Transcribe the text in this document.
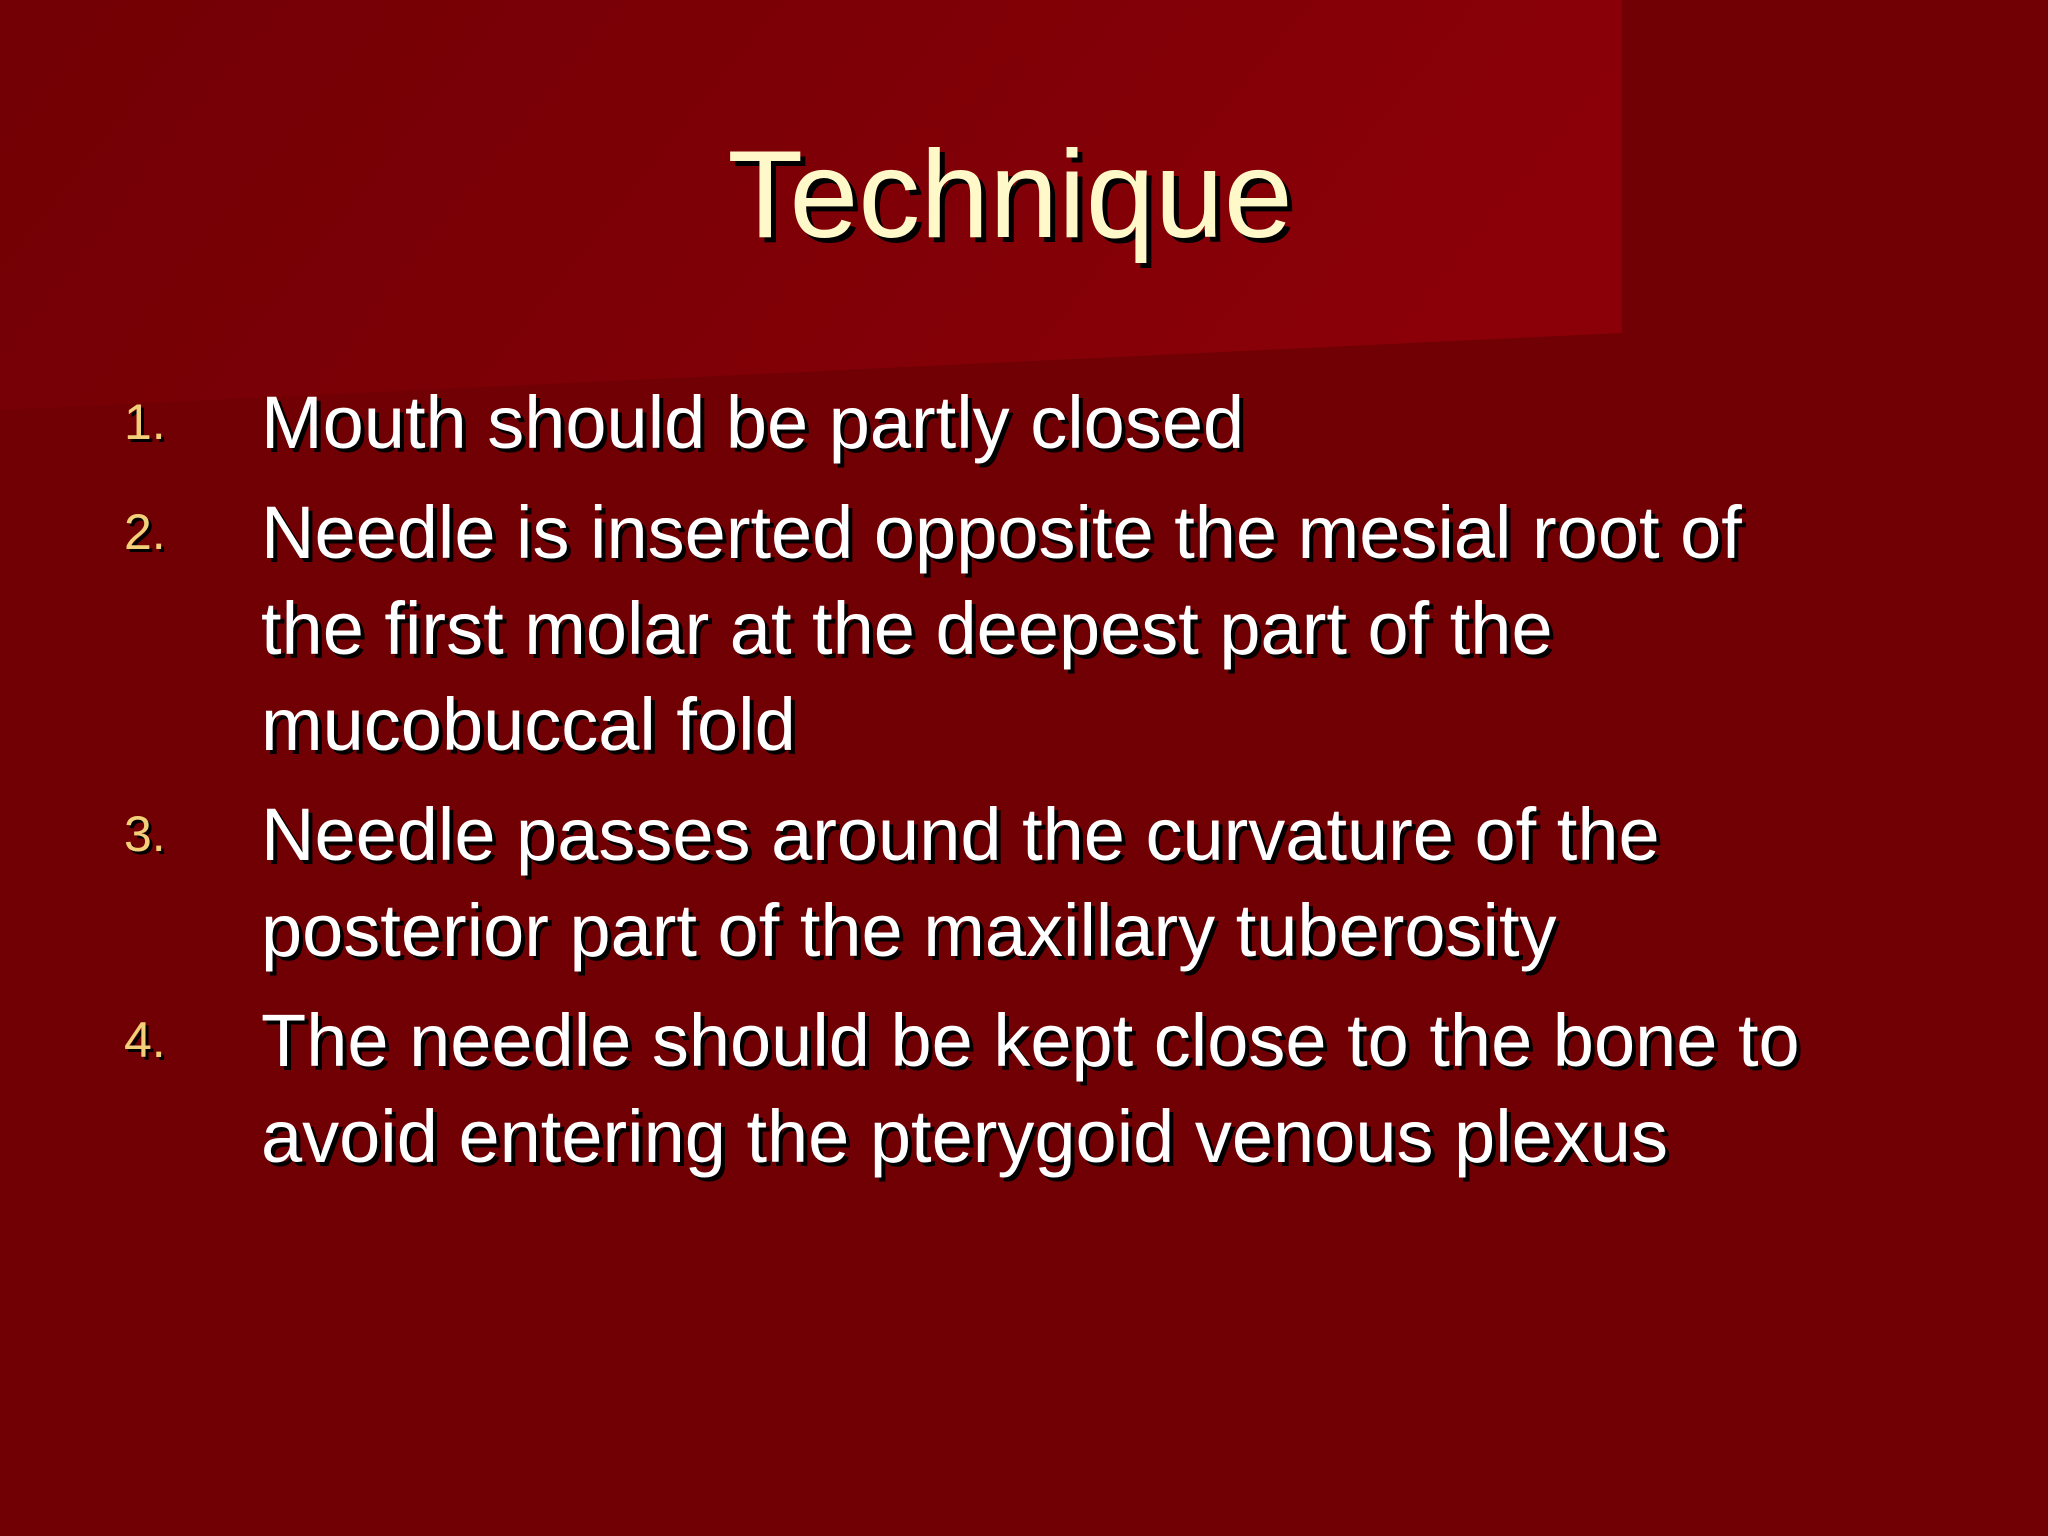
Technique
1. Mouth should be partly closed
2. Needle is inserted opposite the mesial root of
the first molar at the deepest part of the
mucobuccal fold
3. Needle passes around the curvature of the
posterior part of the maxillary tuberosity
4. The needle should be kept close to the bone to
avoid entering the pterygoid venous plexus
